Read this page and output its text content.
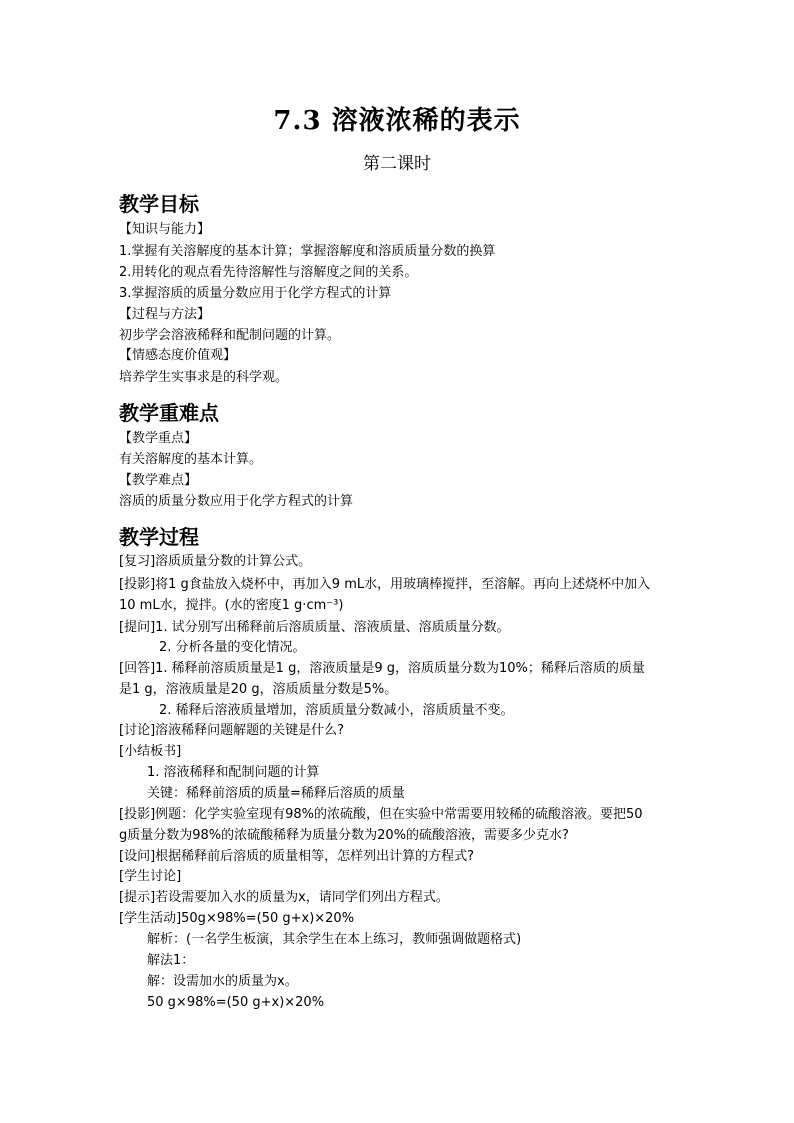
7.3 溶液浓稀的表示
第二课时
教学目标
【知识与能力】
1.掌握有关溶解度的基本计算；掌握溶解度和溶质质量分数的换算
2.用转化的观点看先待溶解性与溶解度之间的关系。
3.掌握溶质的质量分数应用于化学方程式的计算
【过程与方法】
初步学会溶液稀释和配制问题的计算。
【情感态度价值观】
培养学生实事求是的科学观。
教学重难点
【教学重点】
有关溶解度的基本计算。
【教学难点】
溶质的质量分数应用于化学方程式的计算
教学过程
[复习]溶质质量分数的计算公式。
[投影]将1 g食盐放入烧杯中，再加入9 mL水，用玻璃棒搅拌，至溶解。再向上述烧杯中加入
10 mL水，搅拌。(水的密度1 g·cm⁻³)
[提问]1. 试分别写出稀释前后溶质质量、溶液质量、溶质质量分数。
2. 分析各量的变化情况。
[回答]1. 稀释前溶质质量是1 g，溶液质量是9 g，溶质质量分数为10%；稀释后溶质的质量
是1 g，溶液质量是20 g，溶质质量分数是5%。
2. 稀释后溶液质量增加，溶质质量分数减小，溶质质量不变。
[讨论]溶液稀释问题解题的关键是什么?
[小结板书]
1. 溶液稀释和配制问题的计算
关键：稀释前溶质的质量=稀释后溶质的质量
[投影]例题：化学实验室现有98%的浓硫酸，但在实验中常需要用较稀的硫酸溶液。要把50
g质量分数为98%的浓硫酸稀释为质量分数为20%的硫酸溶液，需要多少克水?
[设问]根据稀释前后溶质的质量相等，怎样列出计算的方程式?
[学生讨论]
[提示]若设需要加入水的质量为x，请同学们列出方程式。
[学生活动]50g×98%=(50 g+x)×20%
解析：(一名学生板演，其余学生在本上练习，教师强调做题格式)
解法1：
解：设需加水的质量为x。
50 g×98%=(50 g+x)×20%
